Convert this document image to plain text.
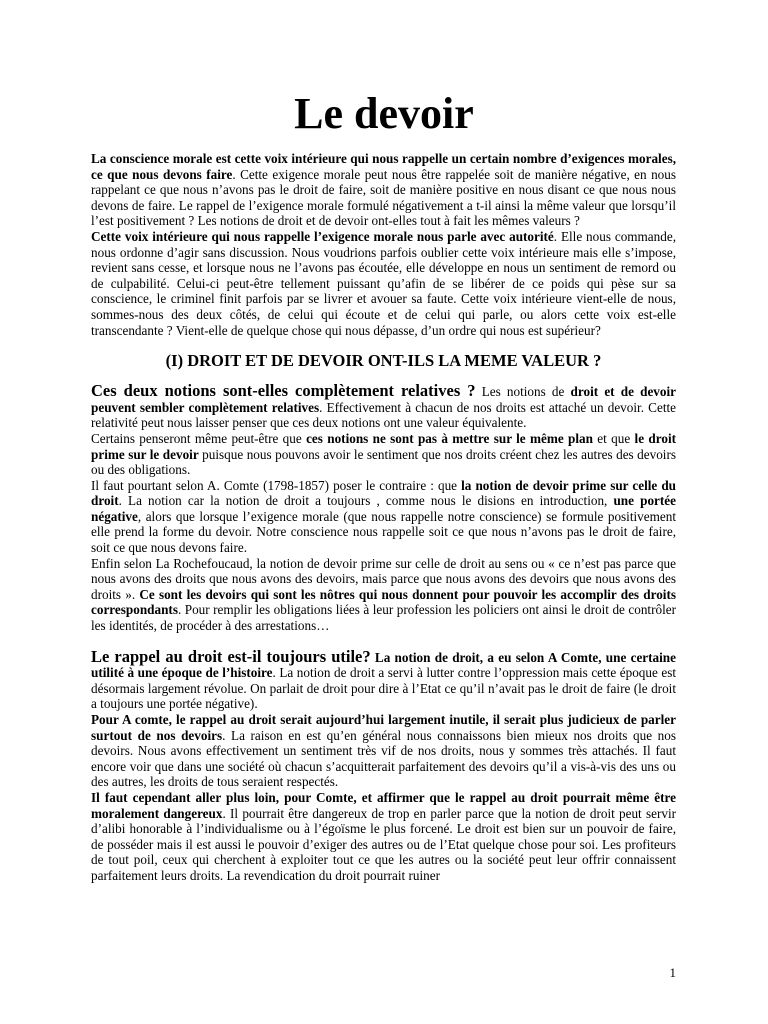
Le devoir

La conscience morale est cette voix intérieure qui nous rappelle un certain nombre d’exigences morales, ce que nous devons faire. Cette exigence morale peut nous être rappelée soit de manière négative, en nous rappelant ce que nous n’avons pas le droit de faire, soit de manière positive en nous disant ce que nous nous devons de faire. Le rappel de l’exigence morale formulé négativement a t-il ainsi la même valeur que lorsqu’il l’est positivement ? Les notions de droit et de devoir ont-elles tout à fait les mêmes valeurs ?

Cette voix intérieure qui nous rappelle l’exigence morale nous parle avec autorité. Elle nous commande, nous ordonne d’agir sans discussion. Nous voudrions parfois oublier cette voix intérieure mais elle s’impose, revient sans cesse, et lorsque nous ne l’avons pas écoutée, elle développe en nous un sentiment de remord ou de culpabilité. Celui-ci peut-être tellement puissant qu’afin de se libérer de ce poids qui pèse sur sa conscience, le criminel finit parfois par se livrer et avouer sa faute. Cette voix intérieure vient-elle de nous, sommes-nous des deux côtés, de celui qui écoute et de celui qui parle, ou alors cette voix est-elle transcendante ? Vient-elle de quelque chose qui nous dépasse, d’un ordre qui nous est supérieur?

(I) DROIT ET DE DEVOIR ONT-ILS LA MEME VALEUR ?

Ces deux notions sont-elles complètement relatives ? Les notions de droit et de devoir peuvent sembler complètement relatives. Effectivement à chacun de nos droits est attaché un devoir. Cette relativité peut nous laisser penser que ces deux notions ont une valeur équivalente.

Certains penseront même peut-être que ces notions ne sont pas à mettre sur le même plan et que le droit prime sur le devoir puisque nous pouvons avoir le sentiment que nos droits créent chez les autres des devoirs ou des obligations.

Il faut pourtant selon A. Comte (1798-1857) poser le contraire : que la notion de devoir prime sur celle du droit. La notion car la notion de droit a toujours , comme nous le disions en introduction, une portée négative, alors que lorsque l’exigence morale (que nous rappelle notre conscience) se formule positivement elle prend la forme du devoir. Notre conscience nous rappelle soit ce que nous n’avons pas le droit de faire, soit ce que nous devons faire.

Enfin selon La Rochefoucaud, la notion de devoir prime sur celle de droit au sens ou « ce n’est pas parce que nous avons des droits que nous avons des devoirs, mais parce que nous avons des devoirs que nous avons des droits ». Ce sont les devoirs qui sont les nôtres qui nous donnent pour pouvoir les accomplir des droits correspondants. Pour remplir les obligations liées à leur profession les policiers ont ainsi le droit de contrôler les identités, de procéder à des arrestations…

Le rappel au droit est-il toujours utile? La notion de droit, a eu selon A Comte, une certaine utilité à une époque de l’histoire. La notion de droit a servi à lutter contre l’oppression mais cette époque est désormais largement révolue. On parlait de droit pour dire à l’Etat ce qu’il n’avait pas le droit de faire (le droit a toujours une portée négative).

Pour A comte, le rappel au droit serait aujourd’hui largement inutile, il serait plus judicieux de parler surtout de nos devoirs. La raison en est qu’en général nous connaissons bien mieux nos droits que nos devoirs. Nous avons effectivement un sentiment très vif de nos droits, nous y sommes très attachés. Il faut encore voir que dans une société où chacun s’acquitterait parfaitement des devoirs qu’il a vis-à-vis des uns ou des autres, les droits de tous seraient respectés.

Il faut cependant aller plus loin, pour Comte, et affirmer que le rappel au droit pourrait même être moralement dangereux. Il pourrait être dangereux de trop en parler parce que la notion de droit peut servir d’alibi honorable à l’individualisme ou à l’égoïsme le plus forcené. Le droit est bien sur un pouvoir de faire, de posséder mais il est aussi le pouvoir d’exiger des autres ou de l’Etat quelque chose pour soi. Les profiteurs de tout poil, ceux qui cherchent à exploiter tout ce que les autres ou la société peut leur offrir connaissent parfaitement leurs droits. La revendication du droit pourrait ruiner

1
